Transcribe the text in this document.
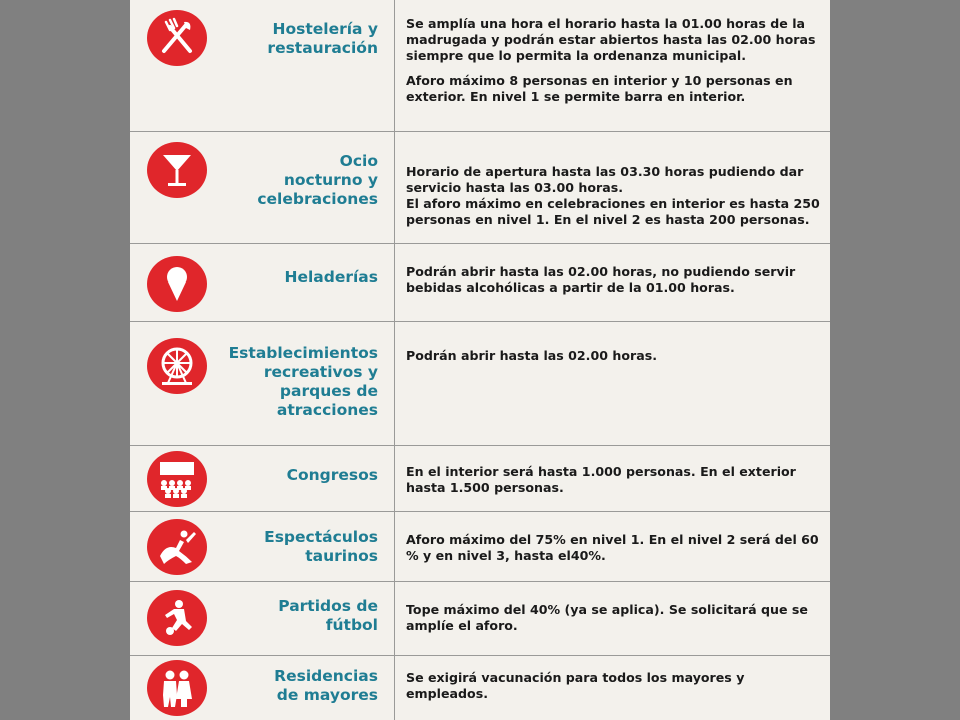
Hostelería y
restauración

Se amplía una hora el horario hasta la 01.00 horas de la madrugada y podrán estar abiertos hasta las 02.00 horas siempre que lo permita la ordenanza municipal.

Aforo máximo 8 personas en interior y 10 personas en exterior. En nivel 1 se permite barra en interior.

Ocio
nocturno y
celebraciones

Horario de apertura hasta las 03.30 horas pudiendo dar servicio hasta las 03.00 horas.
El aforo máximo en celebraciones en interior es hasta 250 personas en nivel 1. En el nivel 2 es hasta 200 personas.

Heladerías Podrán abrir hasta las 02.00 horas, no pudiendo servir bebidas alcohólicas a partir de la 01.00 horas.

Establecimientos
recreativos y
parques de
atracciones

Podrán abrir hasta las 02.00 horas.

Congresos En el interior será hasta 1.000 personas. En el exterior hasta 1.500 personas.

Espectáculos
taurinos

Aforo máximo del 75% en nivel 1. En el nivel 2 será del 60 % y en nivel 3, hasta el40%.

Partidos de
fútbol

Tope máximo del 40% (ya se aplica). Se solicitará que se amplíe el aforo.

Residencias
de mayores

Se exigirá vacunación para todos los mayores y empleados.
